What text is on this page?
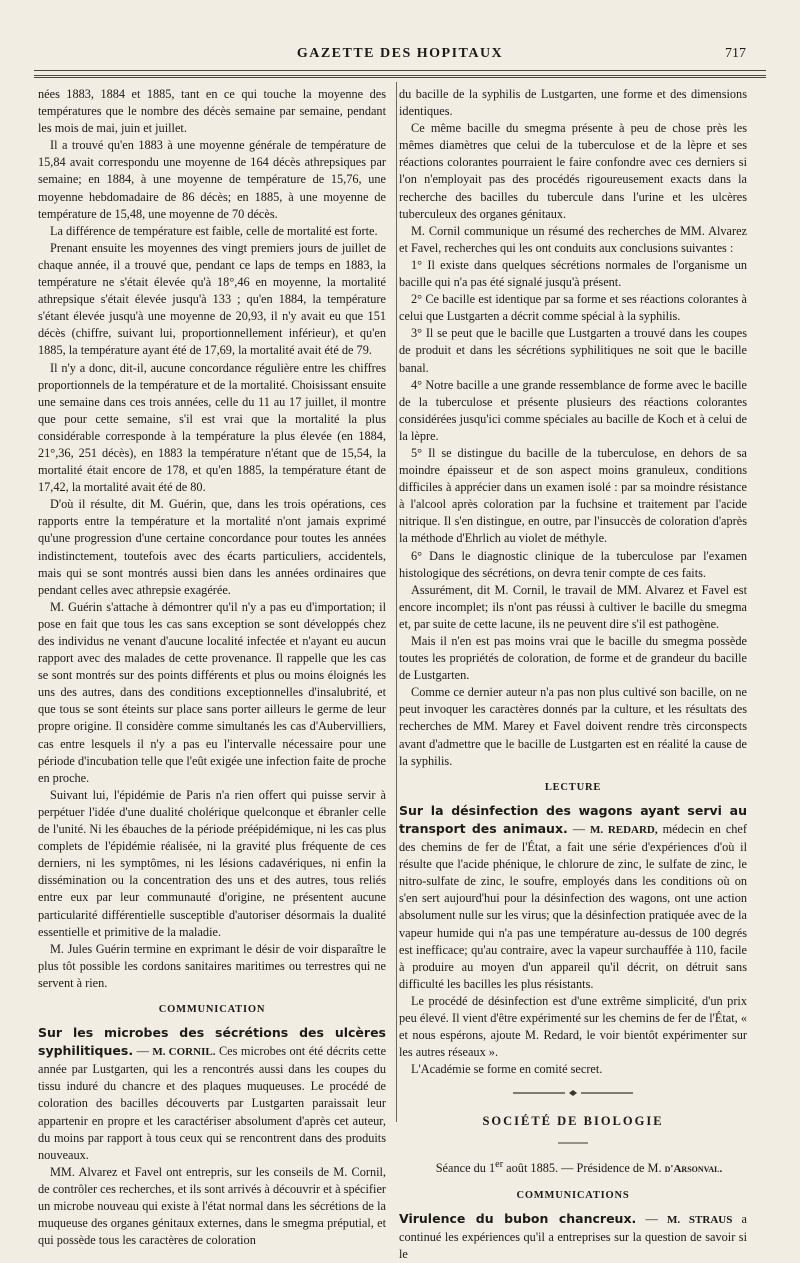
GAZETTE DES HOPITAUX	717

nées 1883, 1884 et 1885, tant en ce qui touche la moyenne des températures que le nombre des décès semaine par semaine, pendant les mois de mai, juin et juillet.

Il a trouvé qu'en 1883 à une moyenne générale de température de 15,84 avait correspondu une moyenne de 164 décès athrepsiques par semaine; en 1884, à une moyenne de température de 15,76, une moyenne hebdomadaire de 86 décès; en 1885, à une moyenne de température de 15,48, une moyenne de 70 décès.

La différence de température est faible, celle de mortalité est forte.

Prenant ensuite les moyennes des vingt premiers jours de juillet de chaque année, il a trouvé que, pendant ce laps de temps en 1883, la température ne s'était élevée qu'à 18°,46 en moyenne, la mortalité athrepsique s'était élevée jusqu'à 133 ; qu'en 1884, la température s'étant élevée jusqu'à une moyenne de 20,93, il n'y avait eu que 151 décès (chiffre, suivant lui, proportionnellement inférieur), et qu'en 1885, la température ayant été de 17,69, la mortalité avait été de 79.

Il n'y a donc, dit-il, aucune concordance régulière entre les chiffres proportionnels de la température et de la mortalité. Choisissant ensuite une semaine dans ces trois années, celle du 11 au 17 juillet, il montre que pour cette semaine, s'il est vrai que la mortalité la plus considérable corresponde à la température la plus élevée (en 1884, 21°,36, 251 décès), en 1883 la température n'étant que de 15,54, la mortalité était encore de 178, et qu'en 1885, la température étant de 17,42, la mortalité avait été de 80.

D'où il résulte, dit M. Guérin, que, dans les trois opérations, ces rapports entre la température et la mortalité n'ont jamais exprimé qu'une progression d'une certaine concordance pour toutes les années indistinctement, toutefois avec des écarts particuliers, accidentels, mais qui se sont montrés aussi bien dans les années ordinaires que pendant celles avec athrepsie exagérée.

M. Guérin s'attache à démontrer qu'il n'y a pas eu d'importation; il pose en fait que tous les cas sans exception se sont développés chez des individus ne venant d'aucune localité infectée et n'ayant eu aucun rapport avec des malades de cette provenance. Il rappelle que les cas se sont montrés sur des points différents et plus ou moins éloignés les uns des autres, dans des conditions exceptionnelles d'insalubrité, et que tous se sont éteints sur place sans porter ailleurs le germe de leur propre origine. Il considère comme simultanés les cas d'Aubervilliers, cas entre lesquels il n'y a pas eu l'intervalle nécessaire pour une période d'incubation telle que l'eût exigée une infection faite de proche en proche.

Suivant lui, l'épidémie de Paris n'a rien offert qui puisse servir à perpétuer l'idée d'une dualité cholérique quelconque et ébranler celle de l'unité. Ni les ébauches de la période préépidémique, ni les cas plus complets de l'épidémie réalisée, ni la gravité plus fréquente de ces derniers, ni les symptômes, ni les lésions cadavériques, ni enfin la dissémination ou la concentration des uns et des autres, tous reliés entre eux par leur communauté d'origine, ne présentent aucune particularité différentielle susceptible d'autoriser désormais la dualité essentielle et primitive de la maladie.

M. Jules Guérin termine en exprimant le désir de voir disparaître le plus tôt possible les cordons sanitaires maritimes ou terrestres qui ne servent à rien.

COMMUNICATION

Sur les microbes des sécrétions des ulcères syphilitiques. — M. CORNIL. Ces microbes ont été décrits cette année par Lustgarten, qui les a rencontrés aussi dans les coupes du tissu induré du chancre et des plaques muqueuses. Le procédé de coloration des bacilles découverts par Lustgarten paraissait leur appartenir en propre et les caractériser absolument d'après cet auteur, du moins par rapport à tous ceux qui se rencontrent dans des produits nouveaux.

MM. Alvarez et Favel ont entrepris, sur les conseils de M. Cornil, de contrôler ces recherches, et ils sont arrivés à découvrir et à spécifier un microbe nouveau qui existe à l'état normal dans les sécrétions de la muqueuse des organes génitaux externes, dans le smegma préputial, et qui possède tous les caractères de coloration

du bacille de la syphilis de Lustgarten, une forme et des dimensions identiques.

Ce même bacille du smegma présente à peu de chose près les mêmes diamètres que celui de la tuberculose et de la lèpre et ses réactions colorantes pourraient le faire confondre avec ces derniers si l'on n'employait pas des procédés rigoureusement exacts dans la recherche des bacilles du tubercule dans l'urine et les ulcères tuberculeux des organes génitaux.

M. Cornil communique un résumé des recherches de MM. Alvarez et Favel, recherches qui les ont conduits aux conclusions suivantes :

1° Il existe dans quelques sécrétions normales de l'organisme un bacille qui n'a pas été signalé jusqu'à présent.

2° Ce bacille est identique par sa forme et ses réactions colorantes à celui que Lustgarten a décrit comme spécial à la syphilis.

3° Il se peut que le bacille que Lustgarten a trouvé dans les coupes de produit et dans les sécrétions syphilitiques ne soit que le bacille banal.

4° Notre bacille a une grande ressemblance de forme avec le bacille de la tuberculose et présente plusieurs des réactions colorantes considérées jusqu'ici comme spéciales au bacille de Koch et à celui de la lèpre.

5° Il se distingue du bacille de la tuberculose, en dehors de sa moindre épaisseur et de son aspect moins granuleux, conditions difficiles à apprécier dans un examen isolé : par sa moindre résistance à l'alcool après coloration par la fuchsine et traitement par l'acide nitrique. Il s'en distingue, en outre, par l'insuccès de coloration d'après la méthode d'Ehrlich au violet de méthyle.

6° Dans le diagnostic clinique de la tuberculose par l'examen histologique des sécrétions, on devra tenir compte de ces faits.

Assurément, dit M. Cornil, le travail de MM. Alvarez et Favel est encore incomplet; ils n'ont pas réussi à cultiver le bacille du smegma et, par suite de cette lacune, ils ne peuvent dire s'il est pathogène.

Mais il n'en est pas moins vrai que le bacille du smegma possède toutes les propriétés de coloration, de forme et de grandeur du bacille de Lustgarten.

Comme ce dernier auteur n'a pas non plus cultivé son bacille, on ne peut invoquer les caractères donnés par la culture, et les résultats des recherches de MM. Marey et Favel doivent rendre très circonspects avant d'admettre que le bacille de Lustgarten est en réalité la cause de la syphilis.

LECTURE

Sur la désinfection des wagons ayant servi au transport des animaux. — M. REDARD, médecin en chef des chemins de fer de l'État, a fait une série d'expériences d'où il résulte que l'acide phénique, le chlorure de zinc, le sulfate de zinc, le nitro-sulfate de zinc, le soufre, employés dans les conditions où on s'en sert aujourd'hui pour la désinfection des wagons, ont une action absolument nulle sur les virus; que la désinfection pratiquée avec de la vapeur humide qui n'a pas une température au-dessus de 100 degrés est inefficace; qu'au contraire, avec la vapeur surchauffée à 110, facile à produire au moyen d'un appareil qu'il décrit, on détruit sans difficulté les bacilles les plus résistants.

Le procédé de désinfection est d'une extrême simplicité, d'un prix peu élevé. Il vient d'être expérimenté sur les chemins de fer de l'État, « et nous espérons, ajoute M. Redard, le voir bientôt expérimenter sur les autres réseaux ».

L'Académie se forme en comité secret.

SOCIÉTÉ DE BIOLOGIE

Séance du 1er août 1885. — Présidence de M. d'Arsonval.

COMMUNICATIONS

Virulence du bubon chancreux. — M. STRAUS a continué les expériences qu'il a entreprises sur la question de savoir si le
